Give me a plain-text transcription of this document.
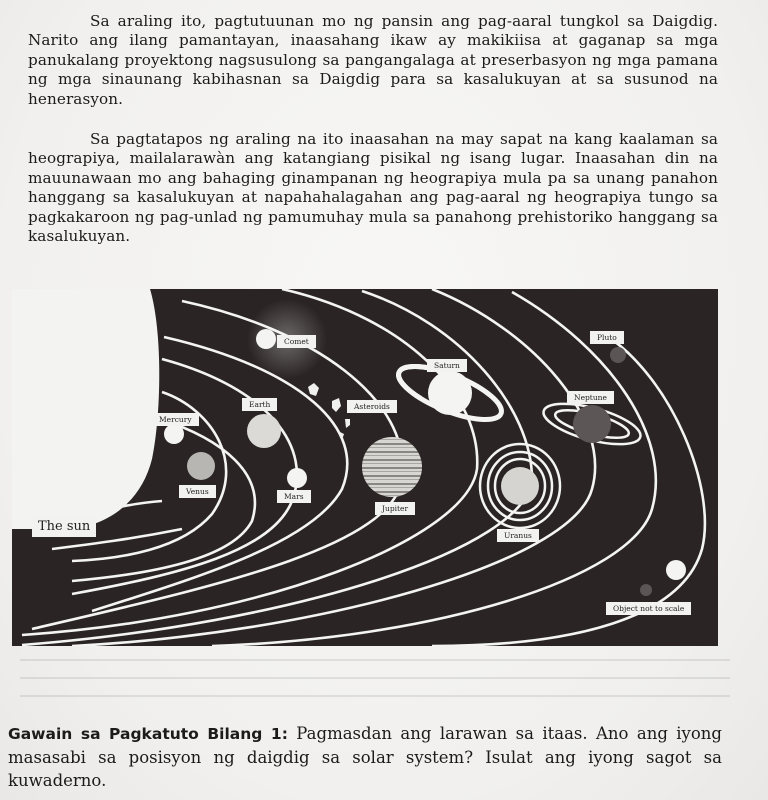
Sa araling ito, pagtutuunan mo ng pansin ang pag-aaral tungkol sa Daigdig. Narito ang ilang pamantayan, inaasahang ikaw ay makikiisa at gaganap sa mga panukalang proyektong nagsusulong sa pangangalaga at preserbasyon ng mga pamana ng mga sinaunang kabihasnan sa Daigdig para sa kasalukuyan at sa susunod na henerasyon.

Sa pagtatapos ng araling na ito inaasahan na may sapat na kang kaalaman sa heograpiya, mailalarawàn ang katangiang pisikal ng isang lugar. Inaasahan din na mauunawaan mo ang bahaging ginampanan ng heograpiya mula pa sa unang panahon hanggang sa kasalukuyan at napahahalagahan ang pag-aaral ng heograpiya tungo sa pagkakaroon ng pag-unlad ng pamumuhay mula sa panahong prehistoriko hanggang sa kasalukuyan.

Comet
Saturn
Pluto
Neptune
Earth	Asteroids
Mercury
Venus
Mars
Jupiter
The sun
Uranus
Object not to scale

Gawain sa Pagkatuto Bilang 1: Pagmasdan ang larawan sa itaas. Ano ang iyong masasabi sa posisyon ng daigdig sa solar system? Isulat ang iyong sagot sa kuwaderno.
